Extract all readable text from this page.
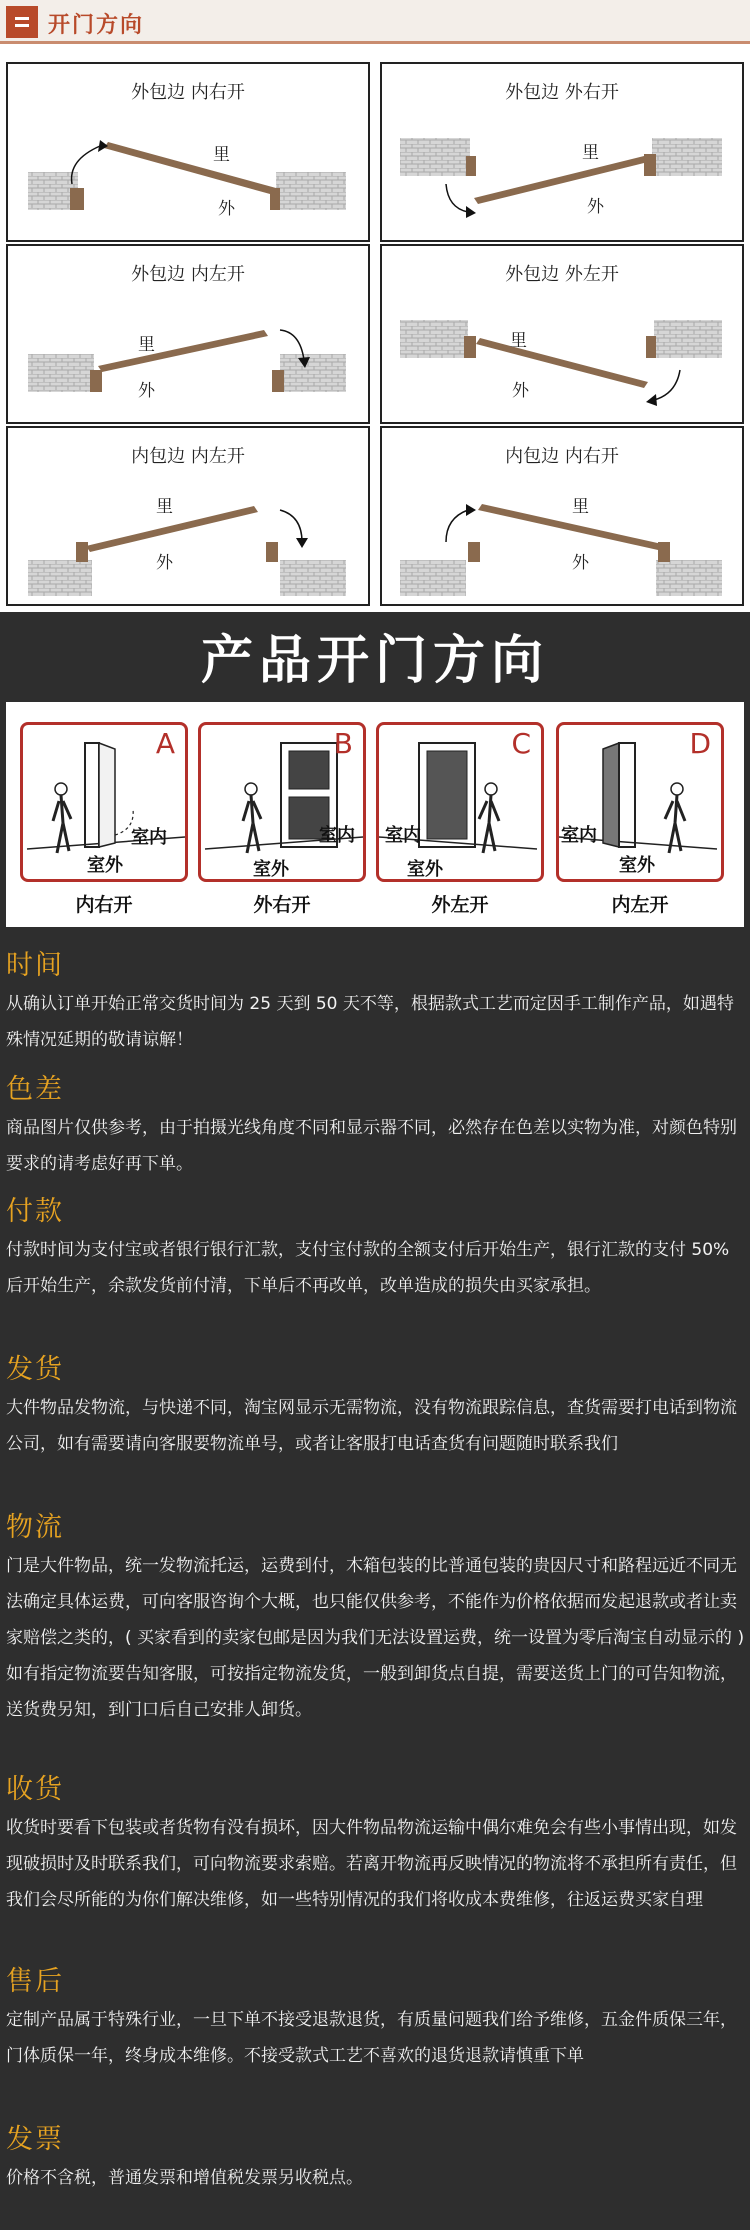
开门方向
外包边 内右开
里
外
外包边 外右开
里
外
外包边 内左开
里
外
外包边 外左开
里
外
内包边 内左开
里
外
内包边 内右开
里
外
产品开门方向
A
室内
室外
内右开
B
室内
室外
外右开
C
室内
室外
外左开
D
室内
室外
内左开
时间

从确认订单开始正常交货时间为 25 天到 50 天不等，根据款式工艺而定因手工制作产品，如遇特殊情况延期的敬请谅解！

色差

商品图片仅供参考，由于拍摄光线角度不同和显示器不同，必然存在色差以实物为准，对颜色特别要求的请考虑好再下单。

付款

付款时间为支付宝或者银行银行汇款，支付宝付款的全额支付后开始生产，银行汇款的支付 50% 后开始生产，余款发货前付清，下单后不再改单，改单造成的损失由买家承担。

发货

大件物品发物流，与快递不同，淘宝网显示无需物流，没有物流跟踪信息，查货需要打电话到物流公司，如有需要请向客服要物流单号，或者让客服打电话查货有问题随时联系我们

物流

门是大件物品，统一发物流托运，运费到付，木箱包装的比普通包装的贵因尺寸和路程远近不同无法确定具体运费，可向客服咨询个大概，也只能仅供参考，不能作为价格依据而发起退款或者让卖家赔偿之类的，( 买家看到的卖家包邮是因为我们无法设置运费，统一设置为零后淘宝自动显示的 ) 如有指定物流要告知客服，可按指定物流发货，一般到卸货点自提，需要送货上门的可告知物流，送货费另知，到门口后自己安排人卸货。

收货

收货时要看下包装或者货物有没有损坏，因大件物品物流运输中偶尔难免会有些小事情出现，如发现破损时及时联系我们，可向物流要求索赔。若离开物流再反映情况的物流将不承担所有责任，但我们会尽所能的为你们解决维修，如一些特别情况的我们将收成本费维修，往返运费买家自理

售后

定制产品属于特殊行业，一旦下单不接受退款退货，有质量问题我们给予维修，五金件质保三年，门体质保一年，终身成本维修。不接受款式工艺不喜欢的退货退款请慎重下单

发票

价格不含税，普通发票和增值税发票另收税点。
